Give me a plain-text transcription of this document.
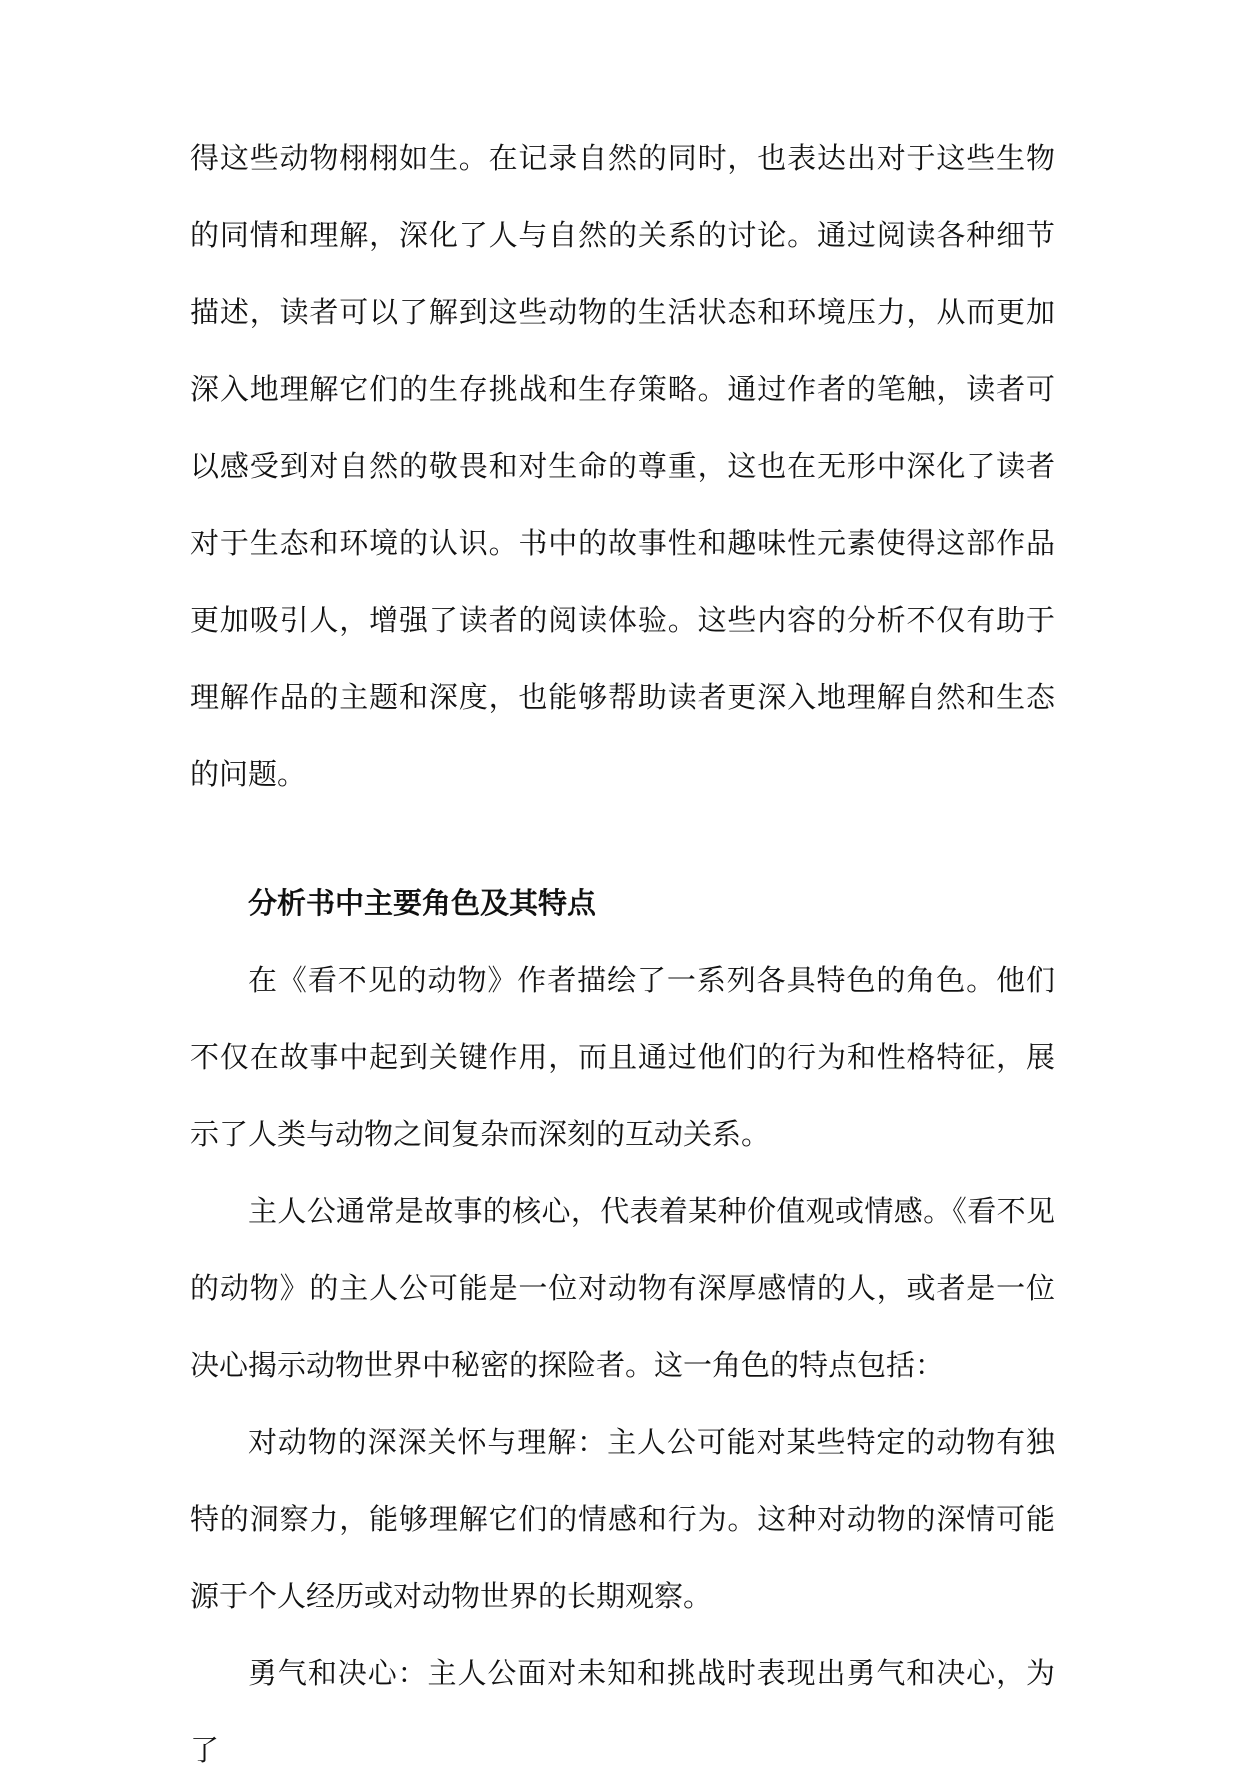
得这些动物栩栩如生。在记录自然的同时，也表达出对于这些生物的同情和理解，深化了人与自然的关系的讨论。通过阅读各种细节描述，读者可以了解到这些动物的生活状态和环境压力，从而更加深入地理解它们的生存挑战和生存策略。通过作者的笔触，读者可以感受到对自然的敬畏和对生命的尊重，这也在无形中深化了读者对于生态和环境的认识。书中的故事性和趣味性元素使得这部作品更加吸引人，增强了读者的阅读体验。这些内容的分析不仅有助于理解作品的主题和深度，也能够帮助读者更深入地理解自然和生态的问题。

分析书中主要角色及其特点

在《看不见的动物》作者描绘了一系列各具特色的角色。他们不仅在故事中起到关键作用，而且通过他们的行为和性格特征，展示了人类与动物之间复杂而深刻的互动关系。

主人公通常是故事的核心，代表着某种价值观或情感。《看不见的动物》的主人公可能是一位对动物有深厚感情的人，或者是一位决心揭示动物世界中秘密的探险者。这一角色的特点包括：

对动物的深深关怀与理解：主人公可能对某些特定的动物有独特的洞察力，能够理解它们的情感和行为。这种对动物的深情可能源于个人经历或对动物世界的长期观察。

勇气和决心：主人公面对未知和挑战时表现出勇气和决心，为了
